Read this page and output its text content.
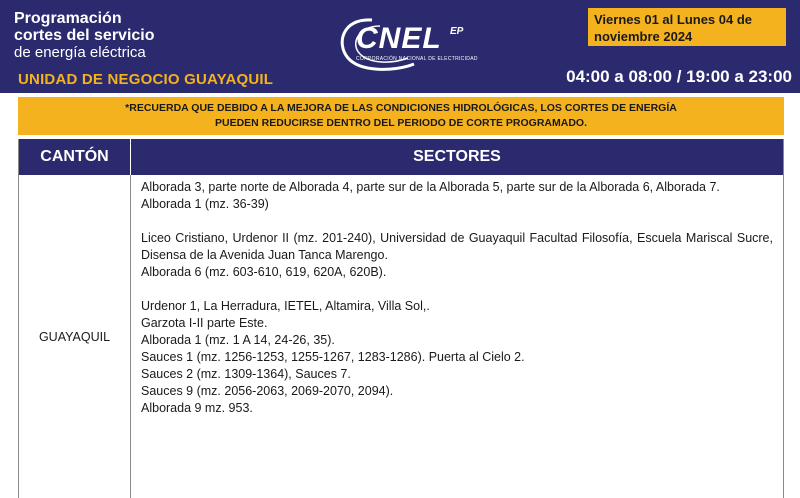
Programación
cortes del servicio
de energía eléctrica
UNIDAD DE NEGOCIO GUAYAQUIL
CNEL EP
CORPORACIÓN NACIONAL DE ELECTRICIDAD
Viernes 01 al Lunes 04 de noviembre 2024
04:00 a 08:00 / 19:00 a 23:00
*RECUERDA QUE DEBIDO A LA MEJORA DE LAS CONDICIONES HIDROLÓGICAS, LOS CORTES DE ENERGÍA
PUEDEN REDUCIRSE DENTRO DEL PERIODO DE CORTE PROGRAMADO.
CANTÓN	SECTORES
GUAYAQUIL
Alborada 3, parte norte de Alborada 4, parte sur de la Alborada 5, parte sur de la Alborada 6, Alborada 7.
Alborada 1 (mz. 36-39)
Liceo Cristiano, Urdenor II (mz. 201-240), Universidad de Guayaquil Facultad Filosofía, Escuela Mariscal Sucre, Disensa de la Avenida Juan Tanca Marengo.
Alborada 6 (mz. 603-610, 619, 620A, 620B).
Urdenor 1, La Herradura, IETEL, Altamira, Villa Sol,.
Garzota I-II parte Este.
Alborada 1 (mz. 1 A 14, 24-26, 35).
Sauces 1 (mz. 1256-1253, 1255-1267, 1283-1286). Puerta al Cielo 2.
Sauces 2 (mz. 1309-1364), Sauces 7.
Sauces 9 (mz. 2056-2063, 2069-2070, 2094).
Alborada 9 mz. 953.
